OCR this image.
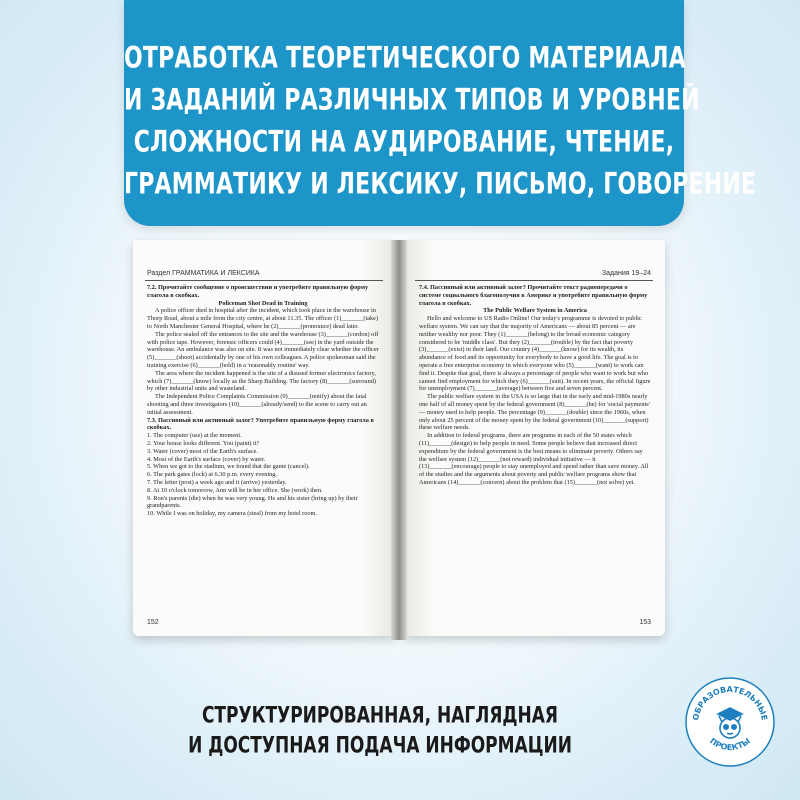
ОТРАБОТКА ТЕОРЕТИЧЕСКОГО МАТЕРИАЛА
И ЗАДАНИЙ РАЗЛИЧНЫХ ТИПОВ И УРОВНЕЙ
СЛОЖНОСТИ НА АУДИРОВАНИЕ, ЧТЕНИЕ,
ГРАММАТИКУ И ЛЕКСИКУ, ПИСЬМО, ГОВОРЕНИЕ
Раздел ГРАММАТИКА И ЛЕКСИКА

7.2. Прочитайте сообщение о происшествии и употребите правильную форму глагола в скобках.

Policeman Shot Dead in Training

A police officer died in hospital after the incident, which took place in the warehouse in Thorp Road, about a mile from the city centre, at about 11.35. The officer (1)_______(take) to North Manchester General Hospital, where he (2)_______(pronounce) dead later.

The police sealed off the entrances to the site and the warehouse (3)_______(cordon) off with police tape. However, forensic officers could (4)_______(see) in the yard outside the warehouse. An ambulance was also on site. It was not immediately clear whether the officer (5)_______(shoot) accidentally by one of his own colleagues. A police spokesman said the training exercise (6)_______(hold) in a 'reasonably routine' way.

The area where the incident happened is the site of a disused former electronics factory, which (7)_______(know) locally as the Sharp Building. The factory (8)_______(surround) by other industrial units and wasteland.

The Independent Police Complaints Commission (9)_______(notify) about the fatal shooting and three investigators (10)_______(already/send) to the scene to carry out an initial assessment.

7.3. Пассивный или активный залог? Употребите правильную форму глагола в скобках.

1. The computer (use) at the moment.
2. Your house looks different. You (paint) it?
3. Water (cover) most of the Earth's surface.
4. Most of the Earth's surface (cover) by water.
5. When we got to the stadium, we found that the game (cancel).
6. The park gates (lock) at 6.30 p.m. every evening.
7. The letter (post) a week ago and it (arrive) yesterday.
8. At 10 o'clock tomorrow, Ann will be in her office. She (work) then.
9. Ron's parents (die) when he was very young. He and his sister (bring up) by their grandparents.
10. While I was on holiday, my camera (steal) from my hotel room.
152
Задания 19–24

7.4. Пассивный или активный залог? Прочитайте текст радиопередачи о системе социального благополучия в Америке и употребите правильную форму глагола в скобках.

The Public Welfare System in America

Hello and welcome to US Radio Online! Our today's programme is devoted to public welfare system. We can say that the majority of Americans — about 85 percent — are neither wealthy nor poor. They (1)_______(belong) to the broad economic category considered to be 'middle class'. But they (2)_______(trouble) by the fact that poverty (3)_______(exist) in their land. Our country (4)_______(know) for its wealth, its abundance of food and its opportunity for everybody to have a good life. The goal is to operate a free enterprise economy in which everyone who (5)_______(want) to work can find it. Despite that goal, there is always a percentage of people who want to work but who cannot find employment for which they (6)_______(suit). In recent years, the official figure for unemployment (7)_______(average) between five and seven percent.

The public welfare system in the USA is so large that in the early and mid-1980s nearly one half of all money spent by the federal government (8)_______(be) for 'social payments' — money used to help people. The percentage (9)_______(double) since the 1960s, when only about 25 percent of the money spent by the federal government (10)_______(support) these welfare needs.

In addition to federal programs, there are programs in each of the 50 states which (11)_______(design) to help people in need. Some people believe that increased direct expenditure by the federal government is the best means to eliminate poverty. Others say the welfare system (12)_______(not reward) individual initiative — it (13)_______(encourage) people to stay unemployed and spend rather than save money. All of the studies and the arguments about poverty and public welfare programs show that Americans (14)_______(concern) about the problem that (15)_______(not solve) yet.

153
СТРУКТУРИРОВАННАЯ, НАГЛЯДНАЯ
И ДОСТУПНАЯ ПОДАЧА ИНФОРМАЦИИ
ОБРАЗОВАТЕЛЬНЫЕ
ПРОЕКТЫ
